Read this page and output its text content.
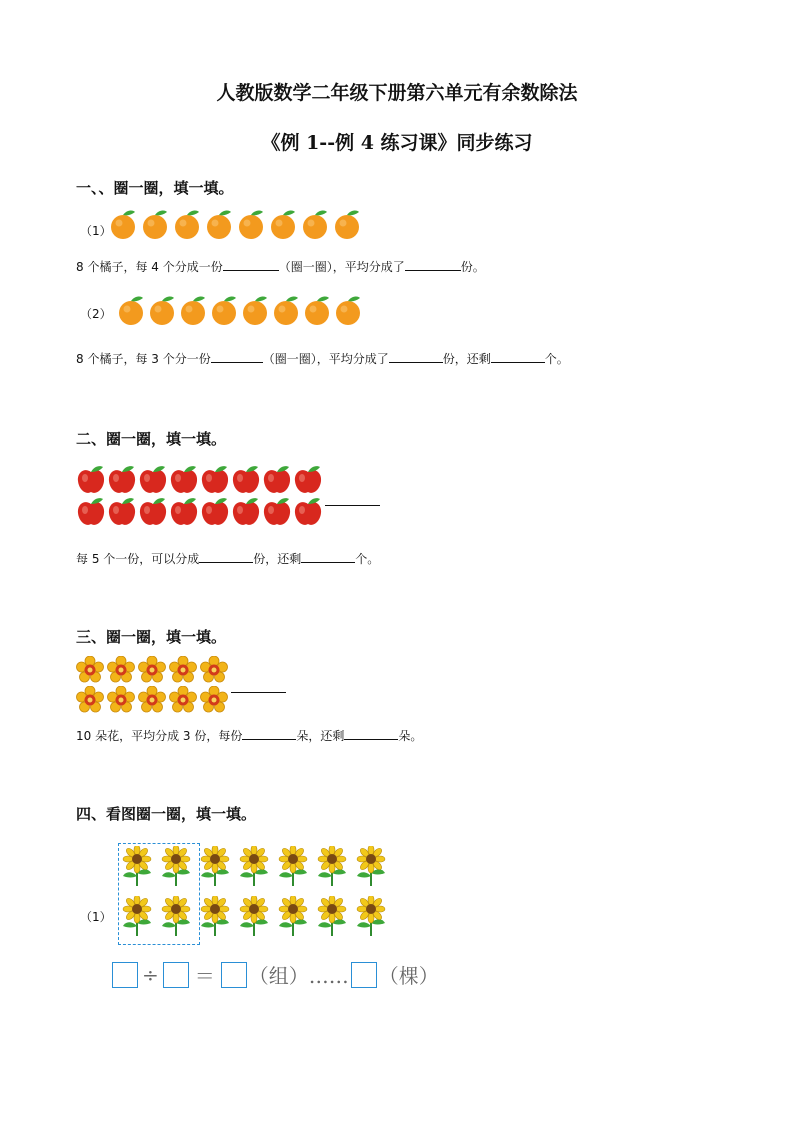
人教版数学二年级下册第六单元有余数除法
《例 1--例 4 练习课》同步练习
一、、圈一圈，填一填。
（1）
8 个橘子，每 4 个分成一份	（圈一圈），平均分成了	份。
（2）
8 个橘子，每 3 个分一份	（圈一圈），平均分成了	份，还剩	个。
二、圈一圈，填一填。
每 5 个一份，可以分成	份，还剩	个。
三、圈一圈，填一填。
10 朵花，平均分成 3 份，每份	朵，还剩	朵。
四、看图圈一圈，填一填。
（1）
÷ ＝ （组）…… （棵）
